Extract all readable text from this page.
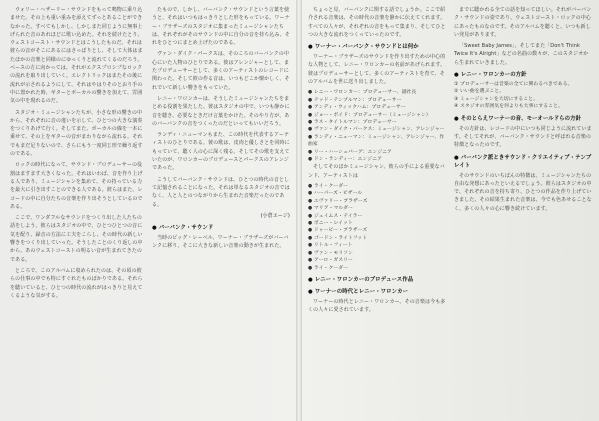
ウォリー・ヘザーリー・サウンドをもって鳴物に乗り込ませた。その上も重い重みを添えてずっとあることができなかった。すべてもしかし、しかしまた同じように無事上げられた音のあれほどに歌い込めた。それを続けたとり、ウェストコースト・サウンドとはこうしたものだ。それは彼らの音がそこにあるにはさっぱりとし、そして大体はまたほかの音楽と同様のにゆっくりと流れてくるのだろう。ベースの方に向かっては、それがエクスプロシブなロックの流れを取り出していく。エレクトリックはまたその後に流れが示されるようにして、それはやはりそのとおり手の中に置かれた時、ギターとボーカルの響きを加えて、雰囲気の中を現れるのだ。

スタジオ・ミュージシャンたちが、小さな形の響きの中から、それぞれに音の違いを示して、ひとつの大きな演奏をつくりあげて行く。そしてまた、ボーカルの線を一本に乗せて、その上をギターの音がまわりながら流れる。それでもまだ足りないので、さらにもう一度同じ形で繰り返すのである。

ロックの時代になって、サウンド・プロデューサーの役割はますます大きくなった。それはいわば、音を作り上げる人であり、ミュージシャンを集めて、その持っている力を最大に引き出すことのできる人である。彼らはまた、レコードの中に自分たちの音楽を作り出そうとしているのである。

ここで、ワンダフルなサウンドをつくり出した人たちの話をしよう。彼らはスタジオの中で、ひとつひとつの音に気を配り、録音の方法に工夫をこらし、その時代の新しい響きをつくり出していった。そうしたことのくり返しの中から、あのウェストコーストの明るい音が生まれてきたのである。

ところで、このアルバムに収められたのは、その頃の彼らの仕事の中でも特にすぐれたものばかりである。それらを聴いていると、ひとつの時代の流れがはっきりと見えてくるような気がする。

たもので、しかし、バーバンク・サウンドという言葉を使うと、それはいつもはっきりとした形をもっている。ワーナー・ブラザーズのスタジオに集まったミュージシャンたちは、それぞれがそのサウンドの中に自分の音を持ち込み、それをひとつにまとめ上げたのである。

ヴァン・ダイク・パークスは、そのころのバーバンクの中心にいた人物のひとりである。彼はアレンジャーとして、またプロデューサーとして、多くのアーティストのレコードに関わった。そして彼の作る音は、いつもどこか懐かしく、それでいて新しい響きをもっていた。

レニー・ワロンカーは、そうしたミュージシャンたちをまとめる役割を果たした。彼はスタジオの中で、いつも静かに音を聴き、必要なときだけ言葉をかけた。そのやり方が、あのバーバンクの音をつくったのだといってもいいだろう。

ランディ・ニューマンもまた、この時代を代表するアーティストのひとりである。彼の歌は、皮肉と優しさとを同時にもっていて、聴く人の心に深く残る。そしてその歌を支えていたのが、ワロンカーのプロデュースとパークスのアレンジであった。

こうしてバーバンク・サウンドは、ひとつの時代の音として記憶されることになった。それは単なるスタジオの音ではなく、人と人とのつながりから生まれた音楽だったのである。

(小倉エージ)
● バーバンク・サウンド

当時のビッグ・レーベル、ワーナー・ブラザーズがバーバンクに移り、そこに大きな新しい音楽の動きが生まれた。

ちょっと見、バーバンクに関する話でしょうか。ここで紹介される音楽は、その時代の音楽を静かに伝えてくれます。すべての人々が、それぞれの音をもって集まり、そしてひとつの大きな流れをつくっていったのです。

● ワーナー・バーバンク・サウンドとは何か

ワーナー・ブラザーズのサウンドを作り出すための中心的な人物として、レニー・ワロンカーの名前があげられます。彼はプロデューサーとして、多くのアーティストを育て、そのアルバムを世に送り出しました。

● レニー・ワロンカー：プロデューサー、副社長
● テッド・テンプルマン：プロデューサー
● アンディ・ウィックハム：プロデューサー
● ジョー・ボイド：プロデューサー（ミュージシャン）
● ラス・タイトルマン：プロデューサー
● ヴァン・ダイク・パークス：ミュージシャン、アレンジャー
● ランディ・ニューマン：ミュージシャン、アレンジャー、作曲家
● リー・ハーシュバーグ：エンジニア
● ドン・ランディー：エンジニア

そしてそのほかミュージシャン、彼らの手による重要なバンド、アーティストは

● ライ・クーダー
● ハーパーズ・ビザール
● エヴァリー・ブラザーズ
● マリア・マルダー
● ジェイムス・テイラー
● ボニー・レイット
● ドゥービー・ブラザーズ
● ゴードン・ライトフット
● リトル・フィート
● ヴァン・モリソン
● アーロ・ガスリー
● ライ・クーダー
● レニー・ワロンカーのプロデュース作品
● ワーナーの時代とレニー・ワロンカー

ワーナーの時代とレニー・ワロンカー。その音楽は今も多くの人々に愛されています。

までに聴かれる全ての話を知ってほしい。それがバーバンク・サウンドの姿であり、ウェストコースト・ロックの中心にあったものなのです。そのアルバムを聴くと、いつも新しい発見があります。

「Sweet Baby James」、そしてまた「Don't Think Twice It's Alright」などの名曲の数々が、このスタジオから生まれていきました。

● レニー・ワロンカーの方針
① プロデューサーは音楽の全てに関わるべきである。
② いい曲を選ぶこと。
③ ミュージシャンを大切にすること。
④ スタジオの雰囲気を何よりも大事にすること。
● そのとらえワーナーの音、モーオールドらの方針

その方針は、レコードの中にいつも同じように流れています。そしてそれが、バーバンク・サウンドと呼ばれる音楽の特徴となったのです。

● バーバンク派ときサウンド・クリエイティブ・テンプレイト

そのサウンドのいちばんの特徴は、ミュージシャンたちの自由な発想にあったといえるでしょう。彼らはスタジオの中で、それぞれの音を持ち寄り、ひとつの作品を作り上げていきました。その結果生まれた音楽は、今でも色あせることなく、多くの人々の心に響き続けています。
